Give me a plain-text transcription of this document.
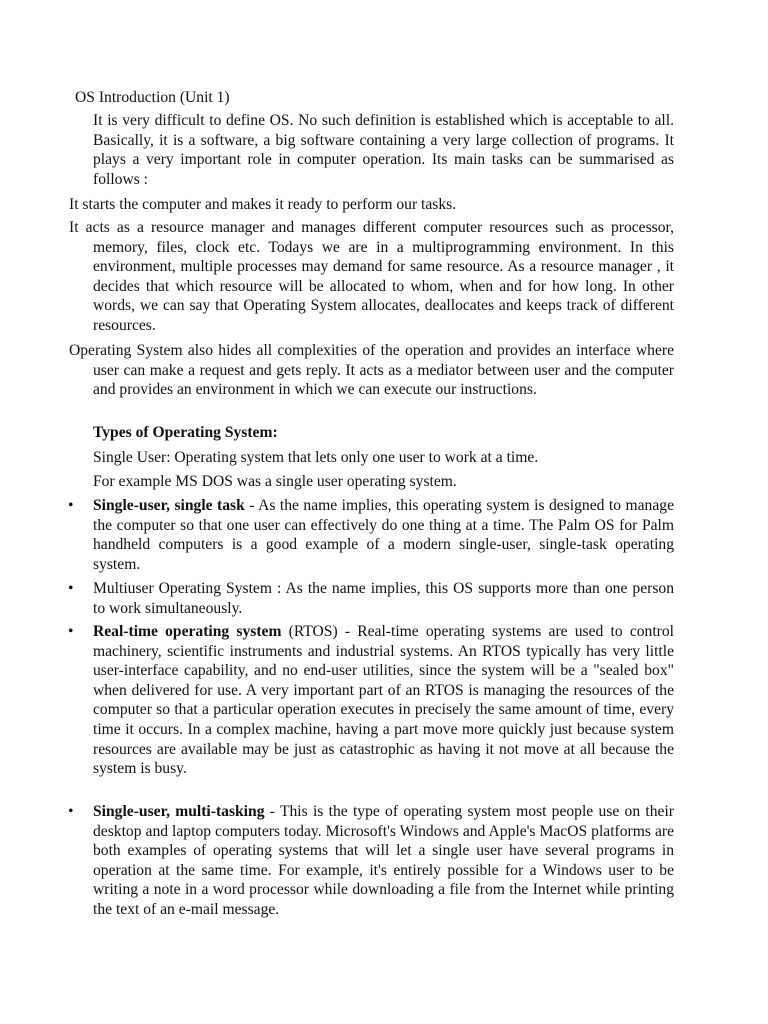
OS Introduction (Unit 1)

It is very difficult to define OS. No such definition is established which is acceptable to all. Basically, it is a software, a big software containing a very large collection of programs. It plays a very important role in computer operation. Its main tasks can be summarised as follows :

It starts the computer and makes it ready to perform our tasks.

It acts as a resource manager and manages different computer resources such as processor, memory, files, clock etc. Todays we are in a multiprogramming environment. In this environment, multiple processes may demand for same resource. As a resource manager , it decides that which resource will be allocated to whom, when and for how long. In other words, we can say that Operating System allocates, deallocates and keeps track of different resources.

Operating System also hides all complexities of the operation and provides an interface where user can make a request and gets reply. It acts as a mediator between user and the computer and provides an environment in which we can execute our instructions.

Types of Operating System:

Single User: Operating system that lets only one user to work at a time.

For example MS DOS was a single user operating system.

• Single-user, single task - As the name implies, this operating system is designed to manage the computer so that one user can effectively do one thing at a time. The Palm OS for Palm handheld computers is a good example of a modern single-user, single-task operating system.
• Multiuser Operating System : As the name implies, this OS supports more than one person to work simultaneously.
• Real-time operating system (RTOS) - Real-time operating systems are used to control machinery, scientific instruments and industrial systems. An RTOS typically has very little user-interface capability, and no end-user utilities, since the system will be a "sealed box" when delivered for use. A very important part of an RTOS is managing the resources of the computer so that a particular operation executes in precisely the same amount of time, every time it occurs. In a complex machine, having a part move more quickly just because system resources are available may be just as catastrophic as having it not move at all because the system is busy.
• Single-user, multi-tasking - This is the type of operating system most people use on their desktop and laptop computers today. Microsoft's Windows and Apple's MacOS platforms are both examples of operating systems that will let a single user have several programs in operation at the same time. For example, it's entirely possible for a Windows user to be writing a note in a word processor while downloading a file from the Internet while printing the text of an e-mail message.
